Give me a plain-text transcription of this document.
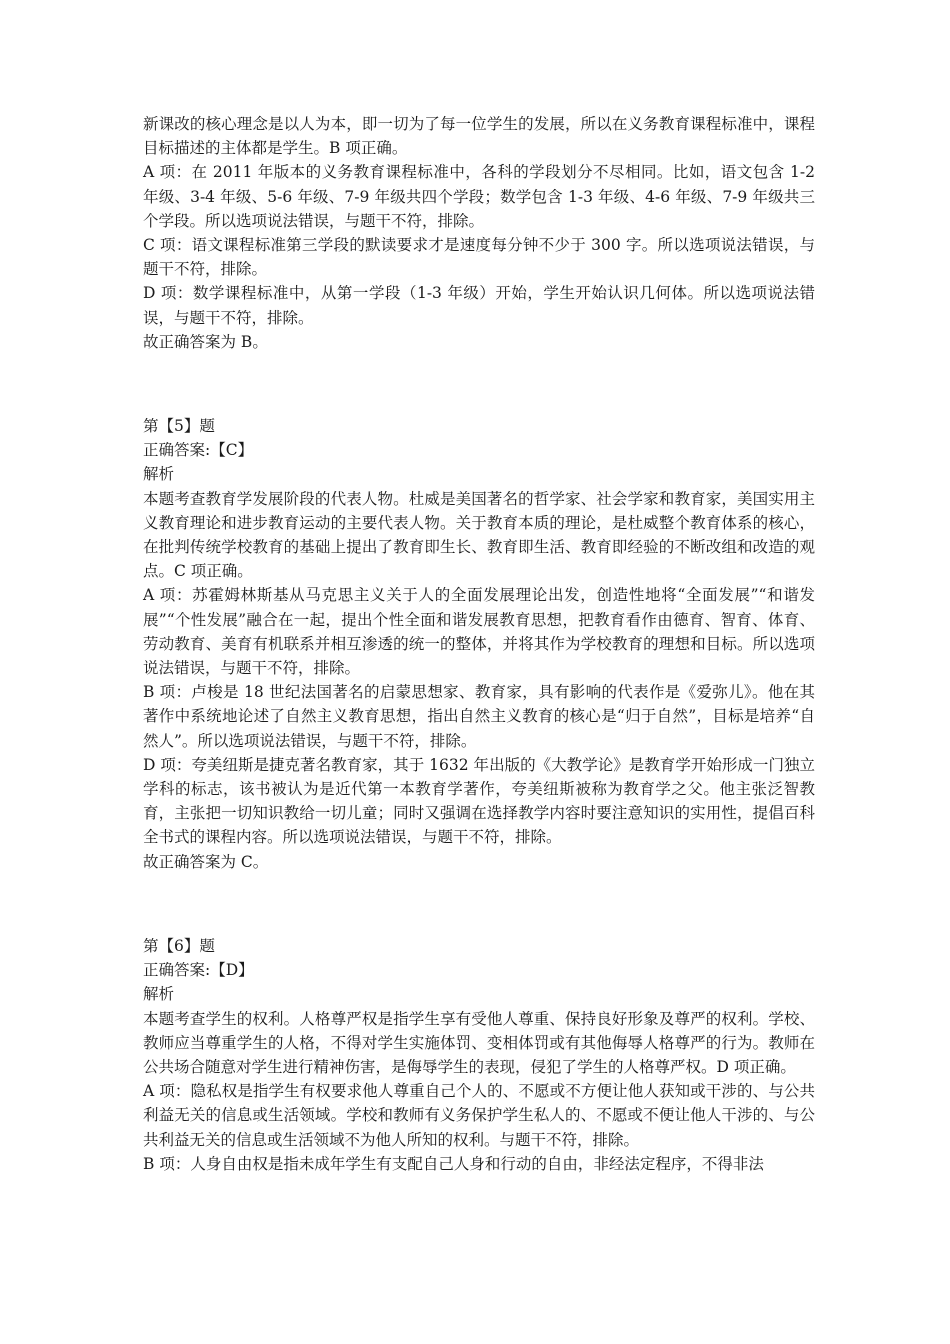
新课改的核心理念是以人为本，即一切为了每一位学生的发展，所以在义务教育课程标准中，课程目标描述的主体都是学生。B 项正确。

A 项：在 2011 年版本的义务教育课程标准中，各科的学段划分不尽相同。比如，语文包含 1-2 年级、3-4 年级、5-6 年级、7-9 年级共四个学段；数学包含 1-3 年级、4-6 年级、7-9 年级共三个学段。所以选项说法错误，与题干不符，排除。

C 项：语文课程标准第三学段的默读要求才是速度每分钟不少于 300 字。所以选项说法错误，与题干不符，排除。

D 项：数学课程标准中，从第一学段（1-3 年级）开始，学生开始认识几何体。所以选项说法错误，与题干不符，排除。

故正确答案为 B。

第【5】题

正确答案:【C】

解析

本题考查教育学发展阶段的代表人物。杜威是美国著名的哲学家、社会学家和教育家，美国实用主义教育理论和进步教育运动的主要代表人物。关于教育本质的理论，是杜威整个教育体系的核心，在批判传统学校教育的基础上提出了教育即生长、教育即生活、教育即经验的不断改组和改造的观点。C 项正确。

A 项：苏霍姆林斯基从马克思主义关于人的全面发展理论出发，创造性地将“全面发展”“和谐发展”“个性发展”融合在一起，提出个性全面和谐发展教育思想，把教育看作由德育、智育、体育、劳动教育、美育有机联系并相互渗透的统一的整体，并将其作为学校教育的理想和目标。所以选项说法错误，与题干不符，排除。

B 项：卢梭是 18 世纪法国著名的启蒙思想家、教育家，具有影响的代表作是《爱弥儿》。他在其著作中系统地论述了自然主义教育思想，指出自然主义教育的核心是“归于自然”，目标是培养“自然人”。所以选项说法错误，与题干不符，排除。

D 项：夸美纽斯是捷克著名教育家，其于 1632 年出版的《大教学论》是教育学开始形成一门独立学科的标志，该书被认为是近代第一本教育学著作，夸美纽斯被称为教育学之父。他主张泛智教育，主张把一切知识教给一切儿童；同时又强调在选择教学内容时要注意知识的实用性，提倡百科全书式的课程内容。所以选项说法错误，与题干不符，排除。

故正确答案为 C。

第【6】题

正确答案:【D】

解析

本题考查学生的权利。人格尊严权是指学生享有受他人尊重、保持良好形象及尊严的权利。学校、教师应当尊重学生的人格，不得对学生实施体罚、变相体罚或有其他侮辱人格尊严的行为。教师在公共场合随意对学生进行精神伤害，是侮辱学生的表现，侵犯了学生的人格尊严权。D 项正确。

A 项：隐私权是指学生有权要求他人尊重自己个人的、不愿或不方便让他人获知或干涉的、与公共利益无关的信息或生活领域。学校和教师有义务保护学生私人的、不愿或不便让他人干涉的、与公共利益无关的信息或生活领域不为他人所知的权利。与题干不符，排除。

B 项：人身自由权是指未成年学生有支配自己人身和行动的自由，非经法定程序，不得非法
